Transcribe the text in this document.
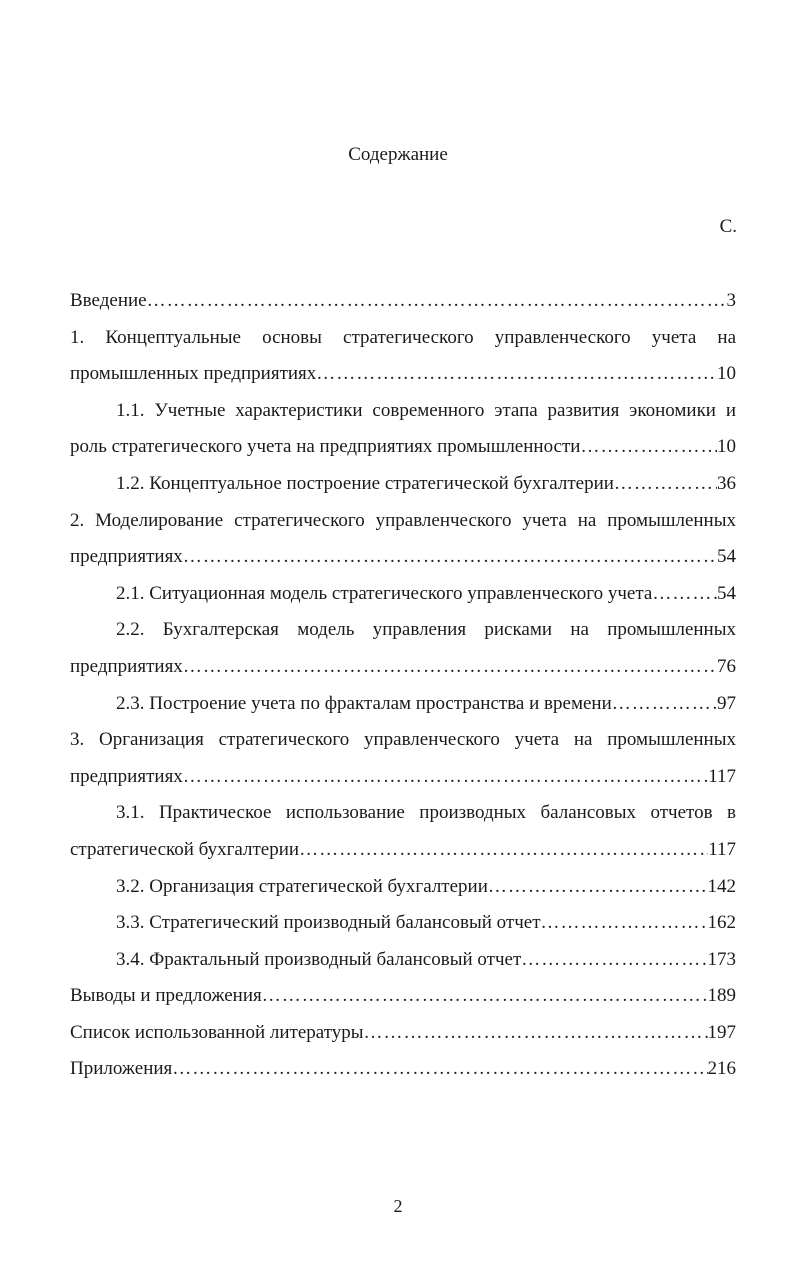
Содержание
С.
Введение …………………………………………………………………………………………………………………………………………………………………………	3
1. Концептуальные основы стратегического управленческого учета на
промышленных предприятиях …………………………………………………………………………………………………………………………………………………………………………	10
1.1. Учетные характеристики современного этапа развития экономики и
роль стратегического учета на предприятиях промышленности …………………………………………………………………………………………………………………………………………………………………………	10
1.2. Концептуальное построение стратегической бухгалтерии …………………………………………………………………………………………………………………………………………………………………………	36
2. Моделирование стратегического управленческого учета на промышленных
предприятиях …………………………………………………………………………………………………………………………………………………………………………	54
2.1. Ситуационная модель стратегического управленческого учета …………………………………………………………………………………………………………………………………………………………………………	54
2.2. Бухгалтерская модель управления рисками на промышленных
предприятиях …………………………………………………………………………………………………………………………………………………………………………	76
2.3. Построение учета по фракталам пространства и времени …………………………………………………………………………………………………………………………………………………………………………	97
3. Организация стратегического управленческого учета на промышленных
предприятиях …………………………………………………………………………………………………………………………………………………………………………	117
3.1. Практическое использование производных балансовых отчетов в
стратегической бухгалтерии …………………………………………………………………………………………………………………………………………………………………………	117
3.2. Организация стратегической бухгалтерии …………………………………………………………………………………………………………………………………………………………………………	142
3.3. Стратегический производный балансовый отчет …………………………………………………………………………………………………………………………………………………………………………	162
3.4. Фрактальный производный балансовый отчет …………………………………………………………………………………………………………………………………………………………………………	173
Выводы и предложения …………………………………………………………………………………………………………………………………………………………………………	189
Список использованной литературы …………………………………………………………………………………………………………………………………………………………………………	197
Приложения …………………………………………………………………………………………………………………………………………………………………………	216
2
